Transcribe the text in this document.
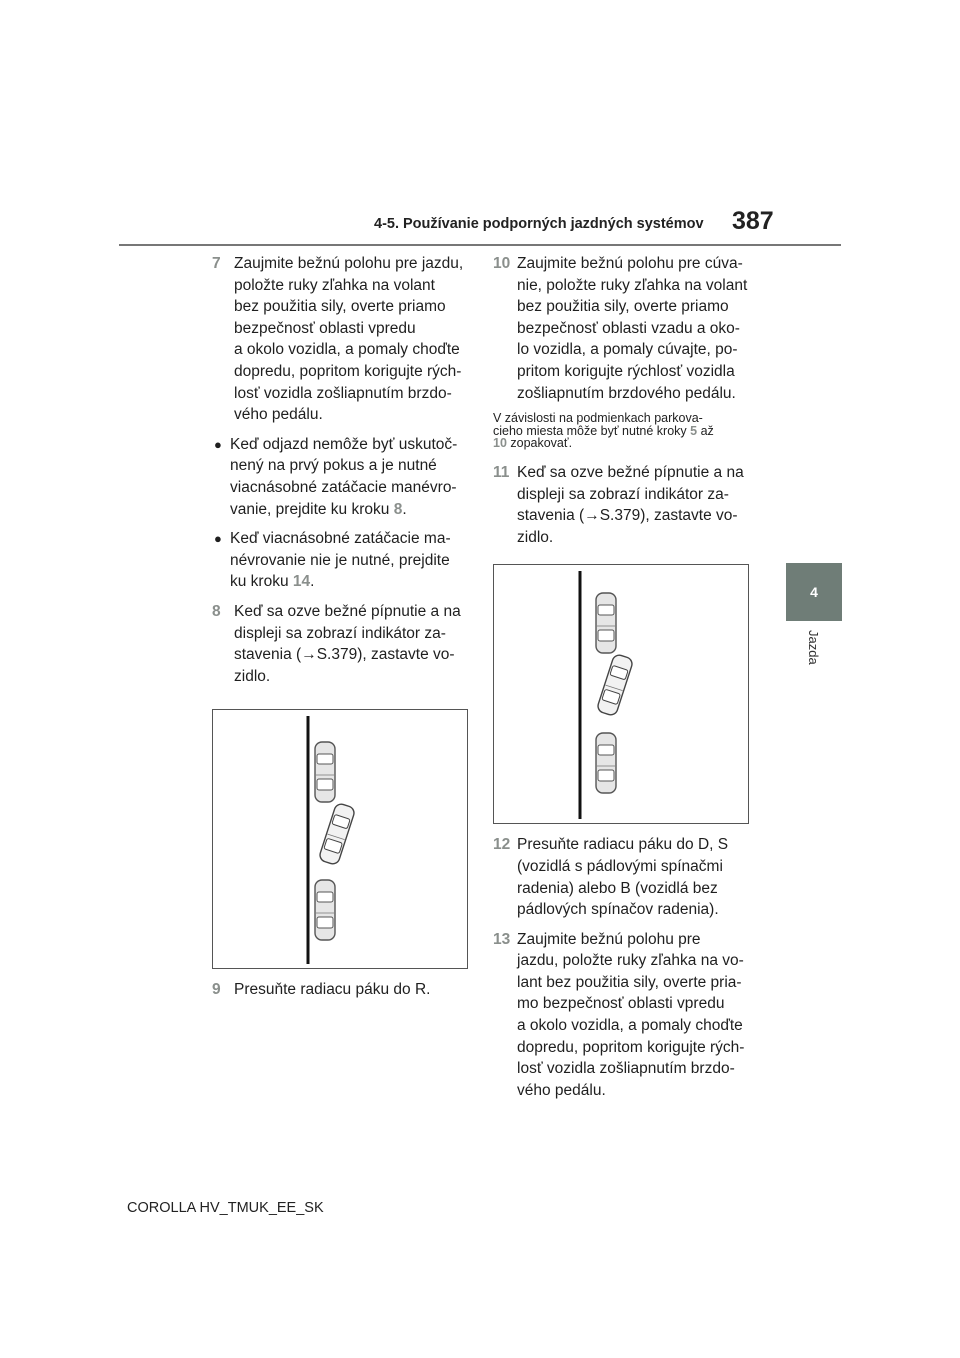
4-5. Používanie podporných jazdných systémov 387
4
Jazda
7 Zaujmite bežnú polohu pre jazdu,
položte ruky zľahka na volant
bez použitia sily, overte priamo
bezpečnosť oblasti vpredu
a okolo vozidla, a pomaly choďte
dopredu, popritom korigujte rých-
losť vozidla zošliapnutím brzdo-
vého pedálu.
● Keď odjazd nemôže byť uskutoč-
nený na prvý pokus a je nutné
viacnásobné zatáčacie manévro-
vanie, prejdite ku kroku 8.
● Keď viacnásobné zatáčacie ma-
névrovanie nie je nutné, prejdite
ku kroku 14.
8 Keď sa ozve bežné pípnutie a na
displeji sa zobrazí indikátor za-
stavenia (→S.379), zastavte vo-
zidlo.
9 Presuňte radiacu páku do R.
10 Zaujmite bežnú polohu pre cúva-
nie, položte ruky zľahka na volant
bez použitia sily, overte priamo
bezpečnosť oblasti vzadu a oko-
lo vozidla, a pomaly cúvajte, po-
pritom korigujte rýchlosť vozidla
zošliapnutím brzdového pedálu.
V závislosti na podmienkach parkova-
cieho miesta môže byť nutné kroky 5 až
10 zopakovať.
11 Keď sa ozve bežné pípnutie a na
displeji sa zobrazí indikátor za-
stavenia (→S.379), zastavte vo-
zidlo.
12 Presuňte radiacu páku do D, S
(vozidlá s pádlovými spínačmi
radenia) alebo B (vozidlá bez
pádlových spínačov radenia).
13 Zaujmite bežnú polohu pre
jazdu, položte ruky zľahka na vo-
lant bez použitia sily, overte pria-
mo bezpečnosť oblasti vpredu
a okolo vozidla, a pomaly choďte
dopredu, popritom korigujte rých-
losť vozidla zošliapnutím brzdo-
vého pedálu.
COROLLA HV_TMUK_EE_SK
